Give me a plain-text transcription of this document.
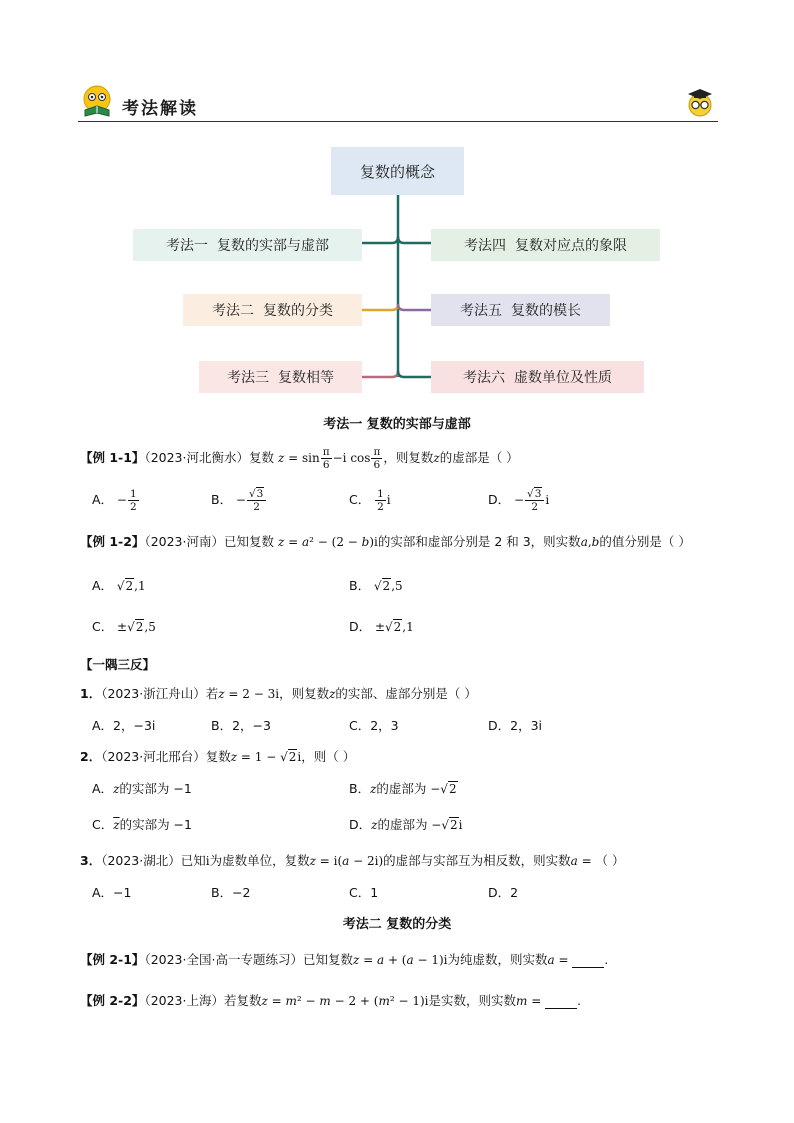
考法解读
复数的概念
考法一  复数的实部与虚部
考法二  复数的分类
考法三  复数相等
考法四  复数对应点的象限
考法五  复数的模长
考法六  虚数单位及性质
考法一 复数的实部与虚部
【例 1-1】（2023·河北衡水）复数 $z = \sin \frac{\pi}{6} -i$ $\cos \frac{\pi}{6}$ ，则复数z的虚部是（ ）
A． − $\frac{1}{2}$	B． − $\frac{√3}{2}$	C． $\frac{1}{2}$ i	D． − $\frac{√3}{2}$ i
【例 1-2】（2023·河南）已知复数 z = a² − (2 − b)i的实部和虚部分别是 2 和 3，则实数a,b的值分别是（ ）
A． √2,1	B． √2,5
C． ±√2,5	D． ±√2,1
【一隅三反】
1．（2023·浙江舟山）若z = 2 − 3i，则复数z的实部、虚部分别是（ ）
A．2，−3i	B．2，−3	C．2，3	D．2，3i
2．（2023·河北邢台）复数z = 1 − √2i，则（ ）
A．z的实部为 −1	B．z的虚部为 −√2
C．$\overline{z}$的实部为 −1	D．z的虚部为 −√2i
3．（2023·湖北）已知i为虚数单位，复数z = i(a − 2i)的虚部与实部互为相反数，则实数a = （ ）
A．−1	B．−2	C．1	D．2
考法二 复数的分类
【例 2-1】（2023·全国·高一专题练习）已知复数z = a + (a − 1)i为纯虚数，则实数a =	.
【例 2-2】（2023·上海）若复数z = m² − m − 2 + (m² − 1)i是实数，则实数m =	.
